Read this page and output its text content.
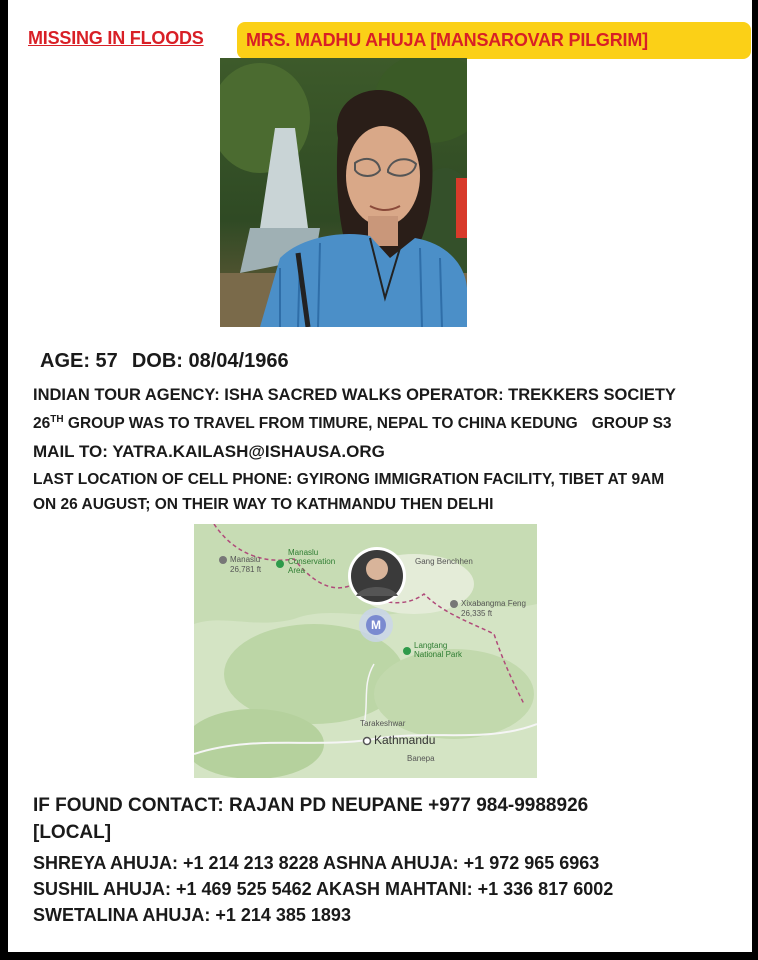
MISSING IN FLOODS	MRS. MADHU AHUJA [MANSAROVAR PILGRIM]
AGE: 57 DOB: 08/04/1966
INDIAN TOUR AGENCY: ISHA SACRED WALKS OPERATOR: TREKKERS SOCIETY
26TH GROUP WAS TO TRAVEL FROM TIMURE, NEPAL TO CHINA KEDUNG GROUP S3
MAIL TO: YATRA.KAILASH@ISHAUSA.ORG
LAST LOCATION OF CELL PHONE: GYIRONG IMMIGRATION FACILITY, TIBET AT 9AM
ON 26 AUGUST; ON THEIR WAY TO KATHMANDU THEN DELHI
Manaslu
26,781 ft
Manaslu
Conservation
Area
Gang Benchhen
Xixabangma Feng
26,335 ft
Langtang
National Park
Tarakeshwar
Kathmandu
Banepa
M
IF FOUND CONTACT: RAJAN PD NEUPANE +977 984-9988926
[LOCAL]
SHREYA AHUJA: +1 214 213 8228 ASHNA AHUJA: +1 972 965 6963
SUSHIL AHUJA: +1 469 525 5462 AKASH MAHTANI: +1 336 817 6002
SWETALINA AHUJA: +1 214 385 1893
